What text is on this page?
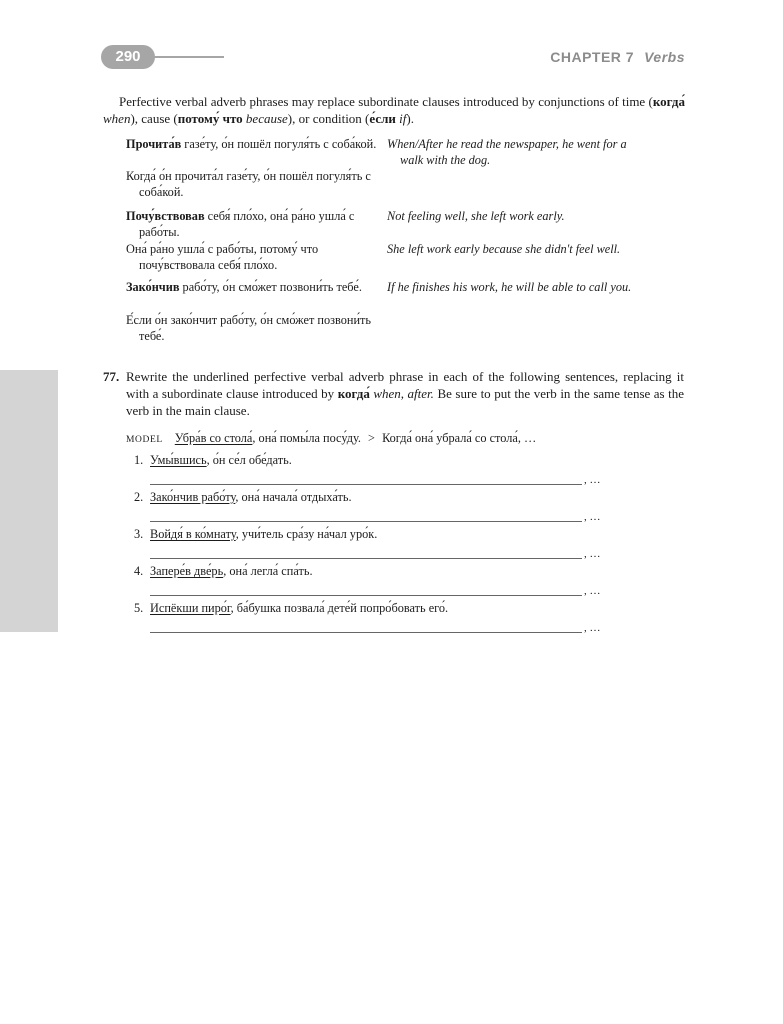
290	CHAPTER 7 Verbs

Perfective verbal adverb phrases may replace subordinate clauses introduced by conjunctions of time (когда́ when), cause (потому́ что because), or condition (е́сли if).

Прочита́в газе́ту, о́н пошёл погуля́ть с соба́кой.

Когда́ о́н прочита́л газе́ту, о́н пошёл погуля́ть с соба́кой.

When/After he read the newspaper, he went for a walk with the dog.

Почу́вствовав себя́ пло́хо, она́ ра́но ушла́ с рабо́ты.

Она́ ра́но ушла́ с рабо́ты, потому́ что почу́вствовала себя́ пло́хо.

Not feeling well, she left work early.

She left work early because she didn't feel well.

Зако́нчив рабо́ту, о́н смо́жет позвони́ть тебе́.

Е́сли о́н зако́нчит рабо́ту, о́н смо́жет позвони́ть тебе́.

If he finishes his work, he will be able to call you.

77. Rewrite the underlined perfective verbal adverb phrase in each of the following sentences, replacing it with a subordinate clause introduced by когда́ when, after. Be sure to put the verb in the same tense as the verb in the main clause.

MODEL Убра́в со стола́, она́ помы́ла посу́ду. > Когда́ она́ убрала́ со стола́, …
1. Умы́вшись, о́н се́л обе́дать.
, …
2. Зако́нчив рабо́ту, она́ начала́ отдыха́ть.
, …
3. Войдя́ в ко́мнату, учи́тель сра́зу на́чал уро́к.
, …
4. Запере́в две́рь, она́ легла́ спа́ть.
, …
5. Испёкши пиро́г, ба́бушка позвала́ дете́й попро́бовать его́.
, …
